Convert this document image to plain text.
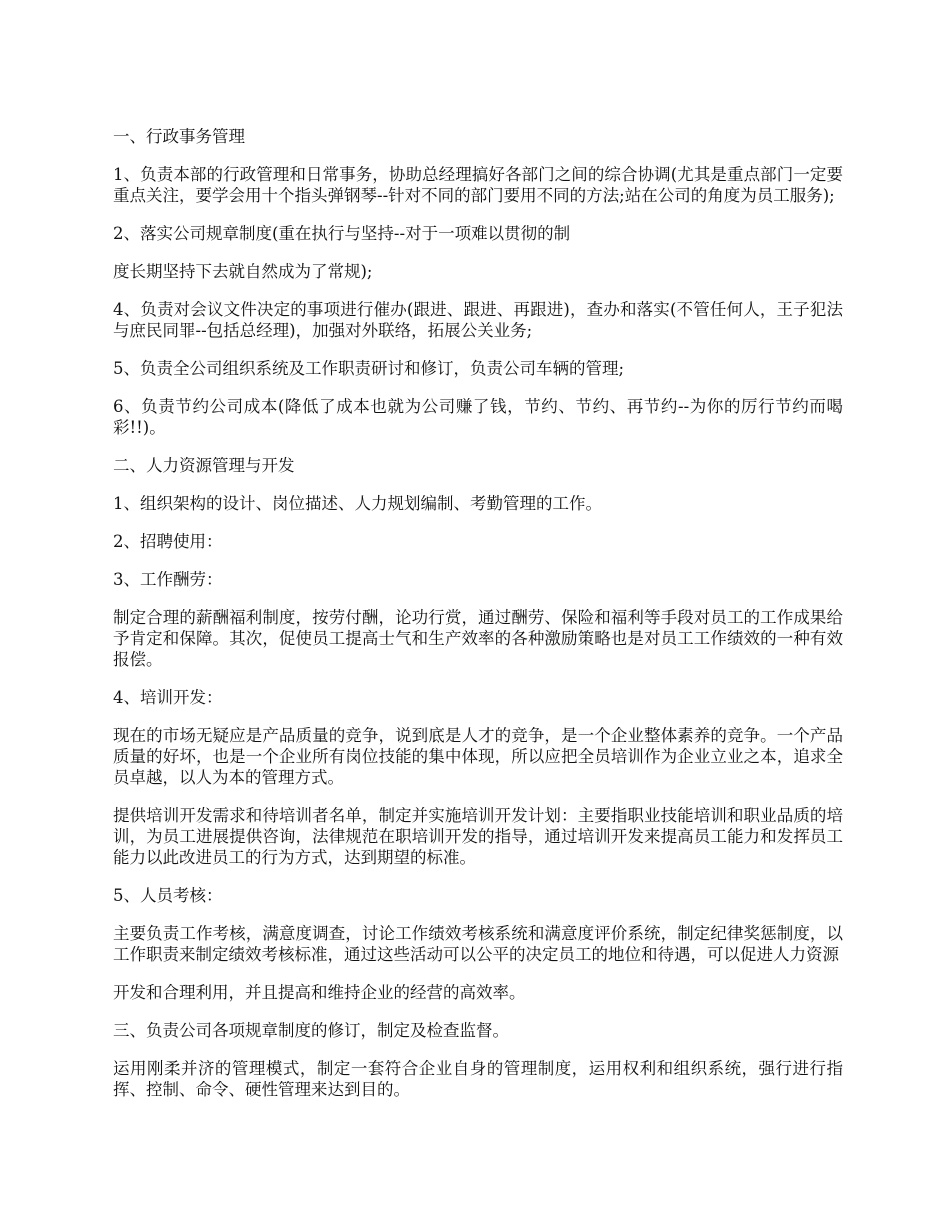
一、行政事务管理

1、负责本部的行政管理和日常事务，协助总经理搞好各部门之间的综合协调(尤其是重点部门一定要重点关注，要学会用十个指头弹钢琴--针对不同的部门要用不同的方法;站在公司的角度为员工服务);

2、落实公司规章制度(重在执行与坚持--对于一项难以贯彻的制

度长期坚持下去就自然成为了常规);

4、负责对会议文件决定的事项进行催办(跟进、跟进、再跟进)，查办和落实(不管任何人，王子犯法与庶民同罪--包括总经理)，加强对外联络，拓展公关业务;

5、负责全公司组织系统及工作职责研讨和修订，负责公司车辆的管理;

6、负责节约公司成本(降低了成本也就为公司赚了钱，节约、节约、再节约--为你的厉行节约而喝彩!!)。

二、人力资源管理与开发

1、组织架构的设计、岗位描述、人力规划编制、考勤管理的工作。

2、招聘使用：

3、工作酬劳：

制定合理的薪酬福利制度，按劳付酬，论功行赏，通过酬劳、保险和福利等手段对员工的工作成果给予肯定和保障。其次，促使员工提高士气和生产效率的各种激励策略也是对员工工作绩效的一种有效报偿。

4、培训开发：

现在的市场无疑应是产品质量的竞争，说到底是人才的竞争，是一个企业整体素养的竞争。一个产品质量的好坏，也是一个企业所有岗位技能的集中体现，所以应把全员培训作为企业立业之本，追求全员卓越，以人为本的管理方式。

提供培训开发需求和待培训者名单，制定并实施培训开发计划：主要指职业技能培训和职业品质的培训，为员工进展提供咨询，法律规范在职培训开发的指导，通过培训开发来提高员工能力和发挥员工能力以此改进员工的行为方式，达到期望的标准。

5、人员考核：

主要负责工作考核，满意度调查，讨论工作绩效考核系统和满意度评价系统，制定纪律奖惩制度，以工作职责来制定绩效考核标准，通过这些活动可以公平的决定员工的地位和待遇，可以促进人力资源

开发和合理利用，并且提高和维持企业的经营的高效率。

三、负责公司各项规章制度的修订，制定及检查监督。

运用刚柔并济的管理模式，制定一套符合企业自身的管理制度，运用权利和组织系统，强行进行指挥、控制、命令、硬性管理来达到目的。
